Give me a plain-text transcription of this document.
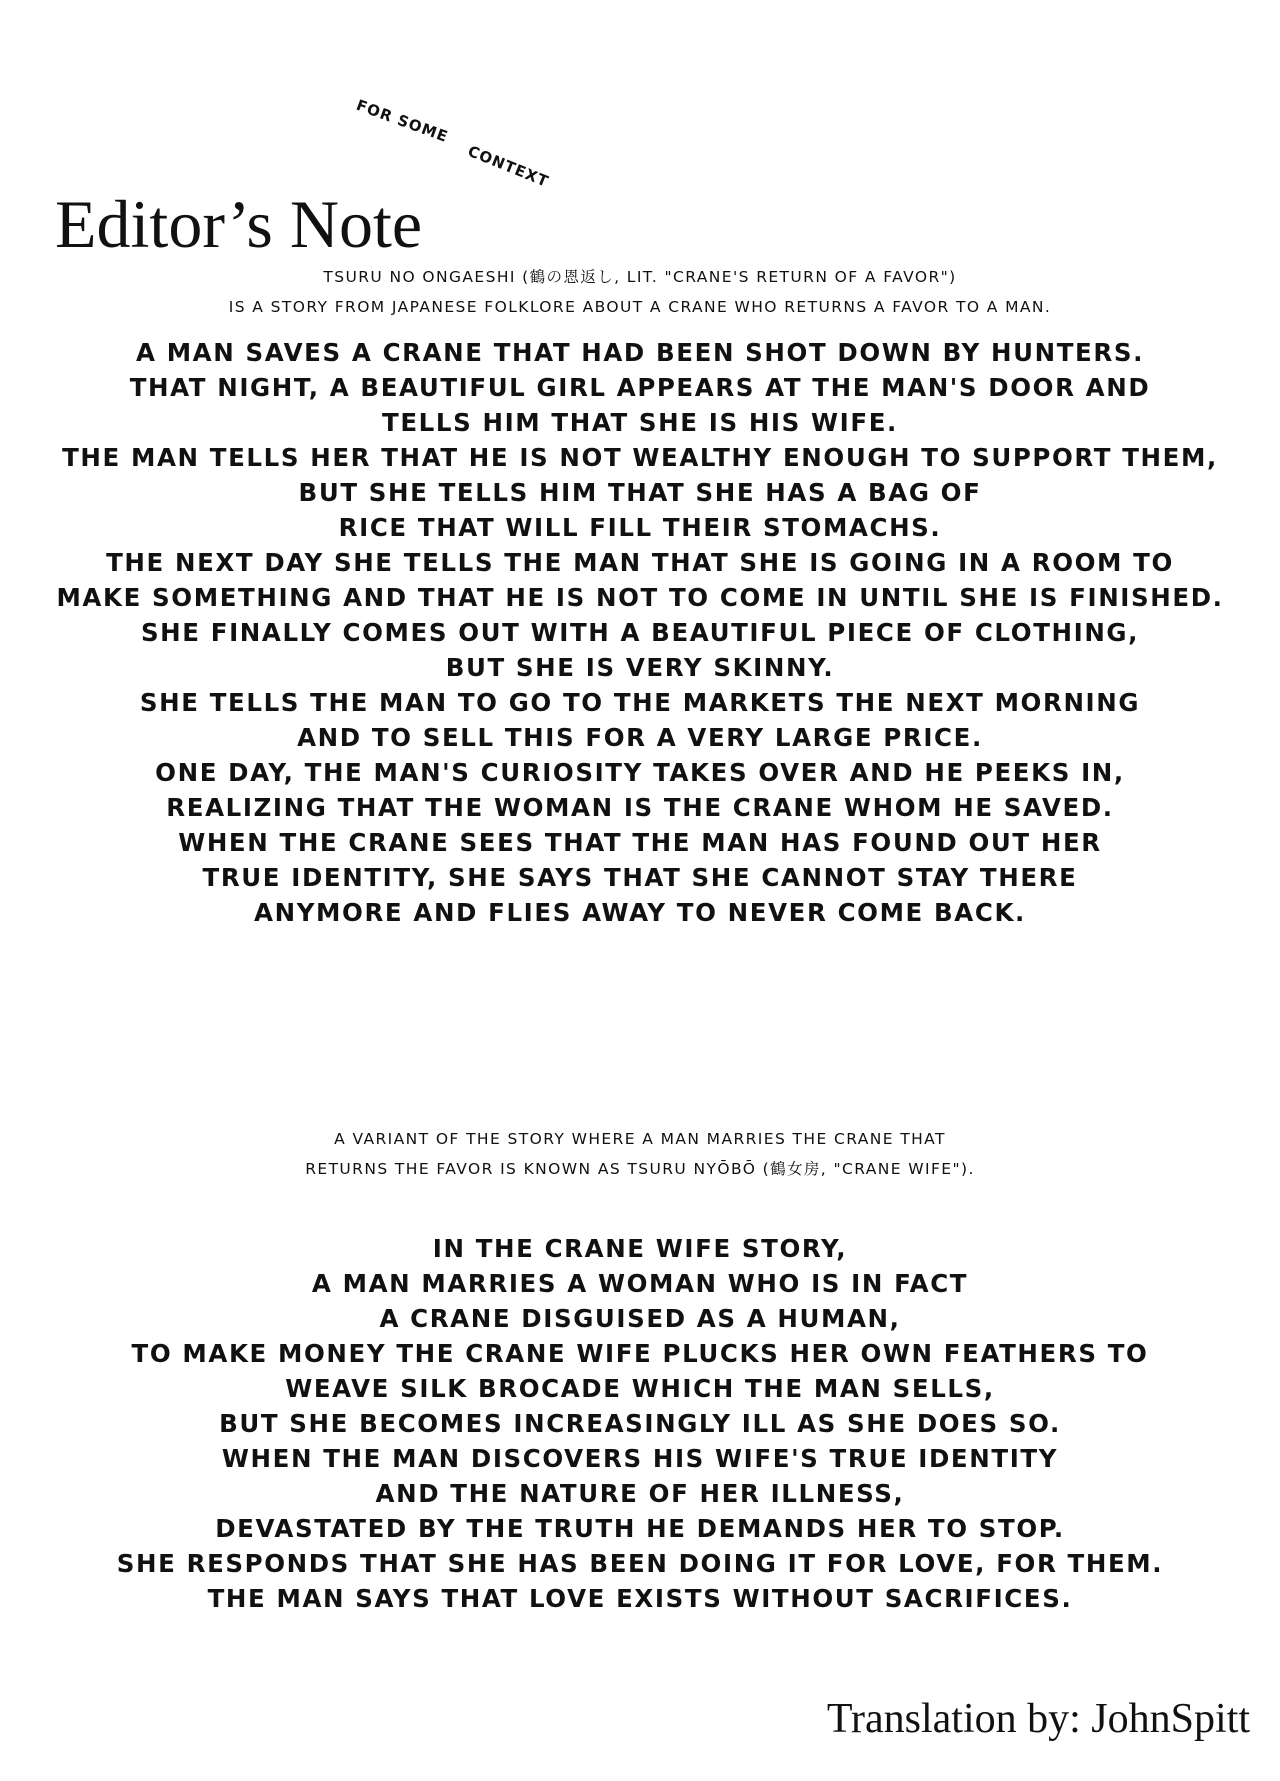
Editor’s Note
FOR SOME
CONTEXT
TSURU NO ONGAESHI (鶴の恩返し, LIT. "CRANE'S RETURN OF A FAVOR")
IS A STORY FROM JAPANESE FOLKLORE ABOUT A CRANE WHO RETURNS A FAVOR TO A MAN.
A MAN SAVES A CRANE THAT HAD BEEN SHOT DOWN BY HUNTERS.
THAT NIGHT, A BEAUTIFUL GIRL APPEARS AT THE MAN'S DOOR AND
TELLS HIM THAT SHE IS HIS WIFE.
THE MAN TELLS HER THAT HE IS NOT WEALTHY ENOUGH TO SUPPORT THEM,
BUT SHE TELLS HIM THAT SHE HAS A BAG OF
RICE THAT WILL FILL THEIR STOMACHS.
THE NEXT DAY SHE TELLS THE MAN THAT SHE IS GOING IN A ROOM TO
MAKE SOMETHING AND THAT HE IS NOT TO COME IN UNTIL SHE IS FINISHED.
SHE FINALLY COMES OUT WITH A BEAUTIFUL PIECE OF CLOTHING,
BUT SHE IS VERY SKINNY.
SHE TELLS THE MAN TO GO TO THE MARKETS THE NEXT MORNING
AND TO SELL THIS FOR A VERY LARGE PRICE.
ONE DAY, THE MAN'S CURIOSITY TAKES OVER AND HE PEEKS IN,
REALIZING THAT THE WOMAN IS THE CRANE WHOM HE SAVED.
WHEN THE CRANE SEES THAT THE MAN HAS FOUND OUT HER
TRUE IDENTITY, SHE SAYS THAT SHE CANNOT STAY THERE
ANYMORE AND FLIES AWAY TO NEVER COME BACK.
A VARIANT OF THE STORY WHERE A MAN MARRIES THE CRANE THAT
RETURNS THE FAVOR IS KNOWN AS TSURU NYŌBŌ (鶴女房, "CRANE WIFE").
IN THE CRANE WIFE STORY,
A MAN MARRIES A WOMAN WHO IS IN FACT
A CRANE DISGUISED AS A HUMAN,
TO MAKE MONEY THE CRANE WIFE PLUCKS HER OWN FEATHERS TO
WEAVE SILK BROCADE WHICH THE MAN SELLS,
BUT SHE BECOMES INCREASINGLY ILL AS SHE DOES SO.
WHEN THE MAN DISCOVERS HIS WIFE'S TRUE IDENTITY
AND THE NATURE OF HER ILLNESS,
DEVASTATED BY THE TRUTH HE DEMANDS HER TO STOP.
SHE RESPONDS THAT SHE HAS BEEN DOING IT FOR LOVE, FOR THEM.
THE MAN SAYS THAT LOVE EXISTS WITHOUT SACRIFICES.
Translation by: JohnSpitt
